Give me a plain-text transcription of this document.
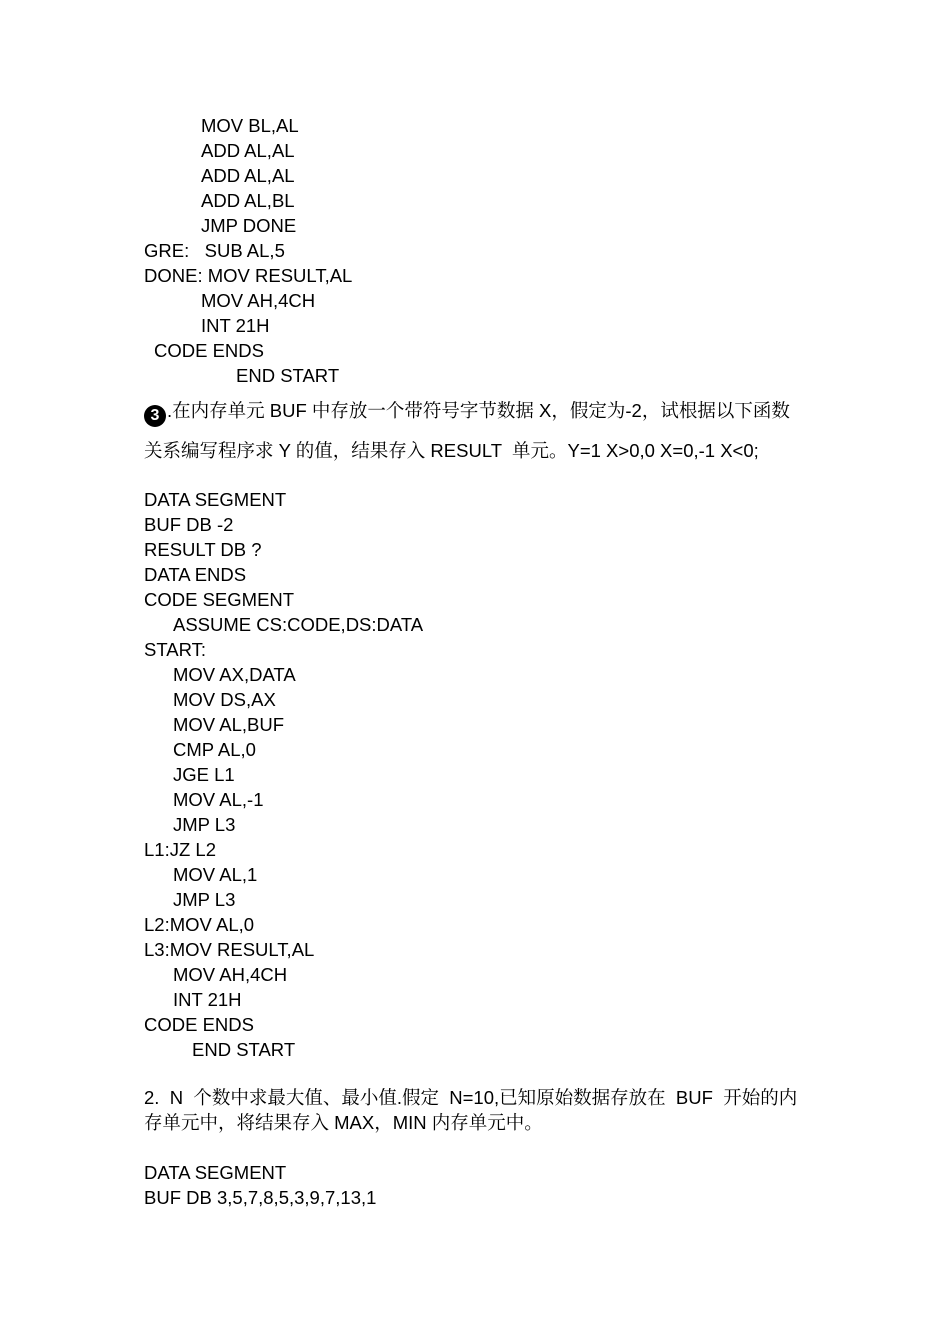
MOV BL,AL
ADD AL,AL
ADD AL,AL
ADD AL,BL
JMP DONE
GRE:   SUB AL,5
DONE: MOV RESULT,AL
MOV AH,4CH
INT 21H
CODE ENDS
END START
3 .在内存单元 BUF 中存放一个带符号字节数据 X，假定为-2，试根据以下函数
关系编写程序求 Y 的值，结果存入 RESULT  单元。Y=1 X>0,0 X=0,-1 X<0;
DATA SEGMENT
BUF DB -2
RESULT DB ?
DATA ENDS
CODE SEGMENT
ASSUME CS:CODE,DS:DATA
START:
MOV AX,DATA
MOV DS,AX
MOV AL,BUF
CMP AL,0
JGE L1
MOV AL,-1
JMP L3
L1:JZ L2
MOV AL,1
JMP L3
L2:MOV AL,0
L3:MOV RESULT,AL
MOV AH,4CH
INT 21H
CODE ENDS
END START
2.  N  个数中求最大值、最小值.假定  N=10,已知原始数据存放在  BUF  开始的内
存单元中，将结果存入 MAX，MIN 内存单元中。
DATA SEGMENT
BUF DB 3,5,7,8,5,3,9,7,13,1
